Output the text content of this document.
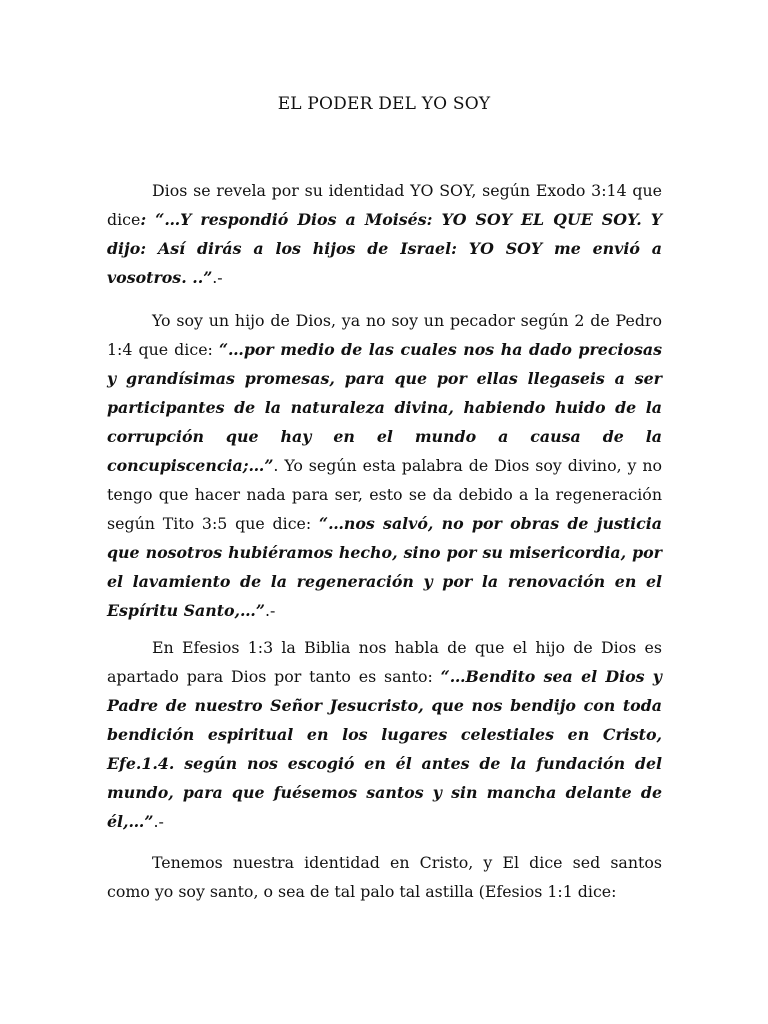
EL PODER DEL YO SOY

Dios se revela por su identidad YO SOY, según Exodo 3:14 que dice: “…Y respondió Dios a Moisés: YO SOY EL QUE SOY. Y dijo: Así dirás a los hijos de Israel: YO SOY me envió a vosotros. ..”.-

Yo soy un hijo de Dios, ya no soy un pecador según 2 de Pedro 1:4 que dice: “…por medio de las cuales nos ha dado preciosas y grandísimas promesas, para que por ellas llegaseis a ser participantes de la naturaleza divina, habiendo huido de la corrupción que hay en el mundo a causa de la concupiscencia;…”. Yo según esta palabra de Dios soy divino, y no tengo que hacer nada para ser, esto se da debido a la regeneración según Tito 3:5 que dice: “…nos salvó, no por obras de justicia que nosotros hubiéramos hecho, sino por su misericordia, por el lavamiento de la regeneración y por la renovación en el Espíritu Santo,…”.-

En Efesios 1:3 la Biblia nos habla de que el hijo de Dios es apartado para Dios por tanto es santo: “…Bendito sea el Dios y Padre de nuestro Señor Jesucristo, que nos bendijo con toda bendición espiritual en los lugares celestiales en Cristo, Efe.1.4. según nos escogió en él antes de la fundación del mundo, para que fuésemos santos y sin mancha delante de él,…”.-

Tenemos nuestra identidad en Cristo, y El dice sed santos como yo soy santo, o sea de tal palo tal astilla (Efesios 1:1 dice:
